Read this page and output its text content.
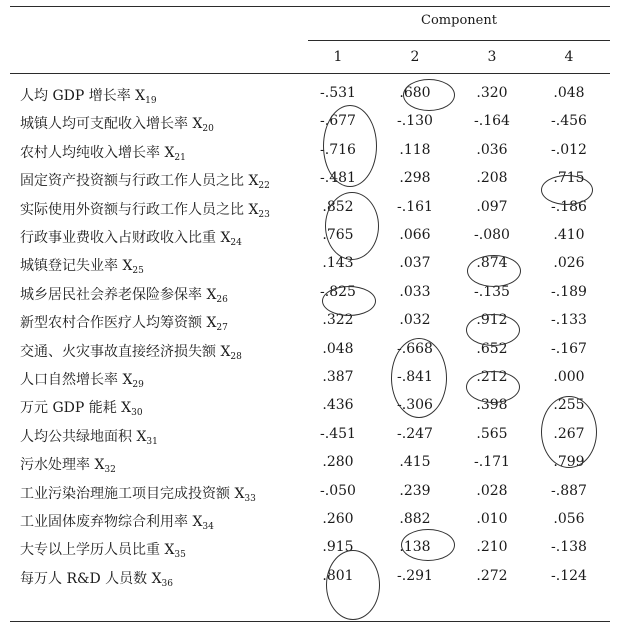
Component
1	2	3	4
人均 GDP 增长率 $X_{19}$	-.531	.680	.320	.048
城镇人均可支配收入增长率 $X_{20}$	-.677	-.130	-.164	-.456
农村人均纯收入增长率 $X_{21}$	-.716	.118	.036	-.012
固定资产投资额与行政工作人员之比 $X_{22}$	-.481	.298	.208	.715
实际使用外资额与行政工作人员之比 $X_{23}$	.852	-.161	.097	-.186
行政事业费收入占财政收入比重 $X_{24}$	.765	.066	-.080	.410
城镇登记失业率 $X_{25}$	.143	.037	.874	.026
城乡居民社会养老保险参保率 $X_{26}$	-.825	.033	-.135	-.189
新型农村合作医疗人均筹资额 $X_{27}$	.322	.032	.912	-.133
交通、火灾事故直接经济损失额 $X_{28}$	.048	-.668	.652	-.167
人口自然增长率 $X_{29}$	.387	-.841	.212	.000
万元 GDP 能耗 $X_{30}$	.436	-.306	.398	.255
人均公共绿地面积 $X_{31}$	-.451	-.247	.565	.267
污水处理率 $X_{32}$	.280	.415	-.171	.799
工业污染治理施工项目完成投资额 $X_{33}$	-.050	.239	.028	-.887
工业固体废弃物综合利用率 $X_{34}$	.260	.882	.010	.056
大专以上学历人员比重 $X_{35}$	.915	.138	.210	-.138
每万人 R&D 人员数 $X_{36}$	.801	-.291	.272	-.124
